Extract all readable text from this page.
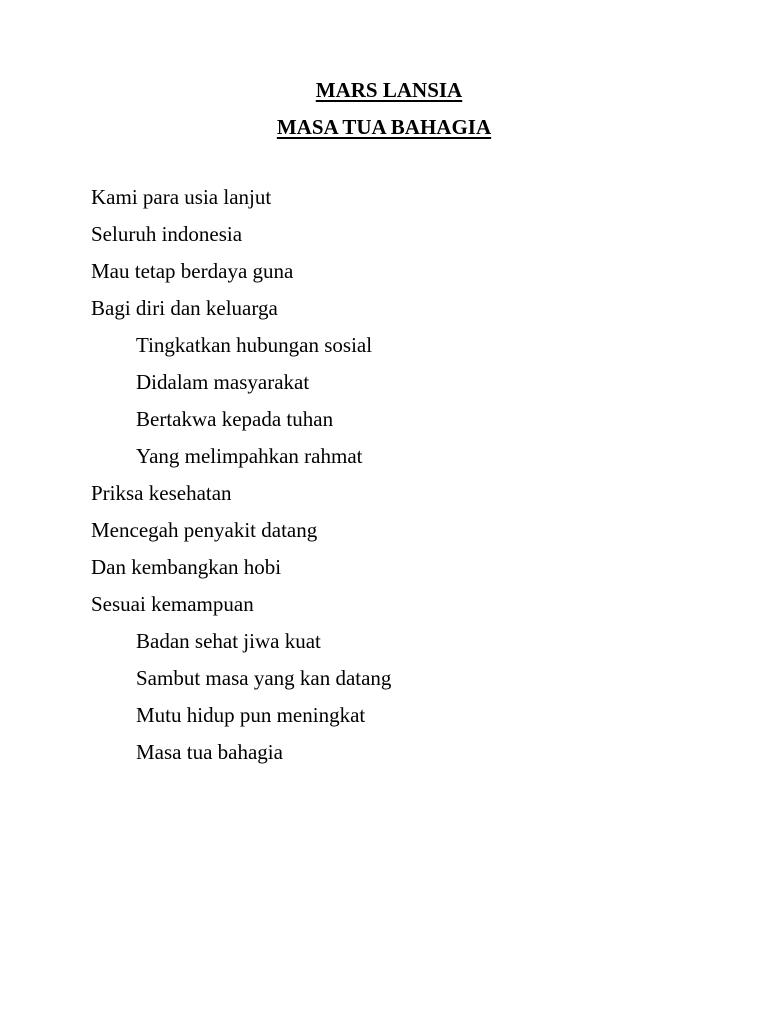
MARS LANSIA
MASA TUA BAHAGIA
Kami para usia lanjut
Seluruh indonesia
Mau tetap berdaya guna
Bagi diri dan keluarga
Tingkatkan hubungan sosial
Didalam masyarakat
Bertakwa kepada tuhan
Yang melimpahkan rahmat
Priksa kesehatan
Mencegah penyakit datang
Dan kembangkan hobi
Sesuai kemampuan
Badan sehat jiwa kuat
Sambut masa yang kan datang
Mutu hidup pun meningkat
Masa tua bahagia
